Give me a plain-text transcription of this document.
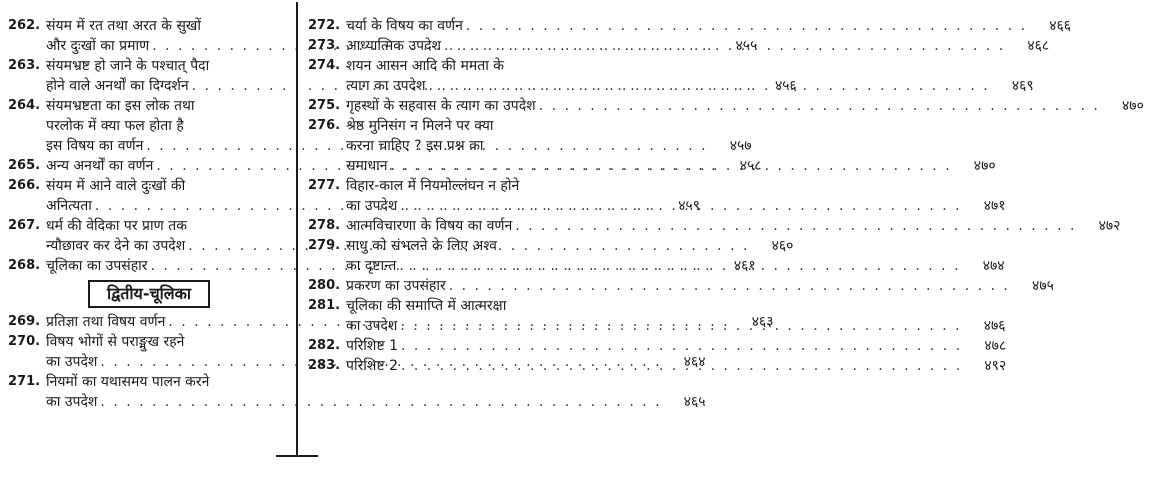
262. संयम में रत तथा अरत के सुखों
और दुःखों का प्रमाण . . .	४५५
263. संयमभ्रष्ट हो जाने के पश्चात् पैदा
होने वाले अनर्थों का दिग्दर्शन . . .	४५६
264. संयमभ्रष्टता का इस लोक तथा
परलोक में क्या फल होता है
इस विषय का वर्णन . . .	४५७
265. अन्य अनर्थों का वर्णन . . .	४५८
266. संयम में आने वाले दुःखों की
अनित्यता . . .	४५९
267. धर्म की वेदिका पर प्राण तक
न्यौछावर कर देने का उपदेश . . .	४६०
268. चूलिका का उपसंहार . . .	४६१
द्वितीय-चूलिका
269. प्रतिज्ञा तथा विषय वर्णन . . .	४६३
270. विषय भोगों से पराङ्मुख रहने
का उपदेश . . .	४६४
271. नियमों का यथासमय पालन करने
का उपदेश . . .	४६५
272. चर्या के विषय का वर्णन . . .	४६६
273. आध्यात्मिक उपदेश . . .	४६८
274. शयन आसन आदि की ममता के
त्याग का उपदेश . . .	४६९
275. गृहस्थों के सहवास के त्याग का उपदेश . . .	४७०
276. श्रेष्ठ मुनिसंग न मिलने पर क्या
करना चाहिए ? इस प्रश्न का
समाधान . . .	४७०
277. विहार-काल में नियमोल्लंघन न होने
का उपदेश . . .	४७१
278. आत्मविचारणा के विषय का वर्णन . . .	४७२
279. साधु को संभलने के लिए अश्व
का दृष्टान्त . . .	४७४
280. प्रकरण का उपसंहार . . .	४७५
281. चूलिका की समाप्ति में आत्मरक्षा
का उपदेश . . .	४७६
282. परिशिष्ट 1 . . .	४७८
283. परिशिष्ट 2 . . .	४९२
